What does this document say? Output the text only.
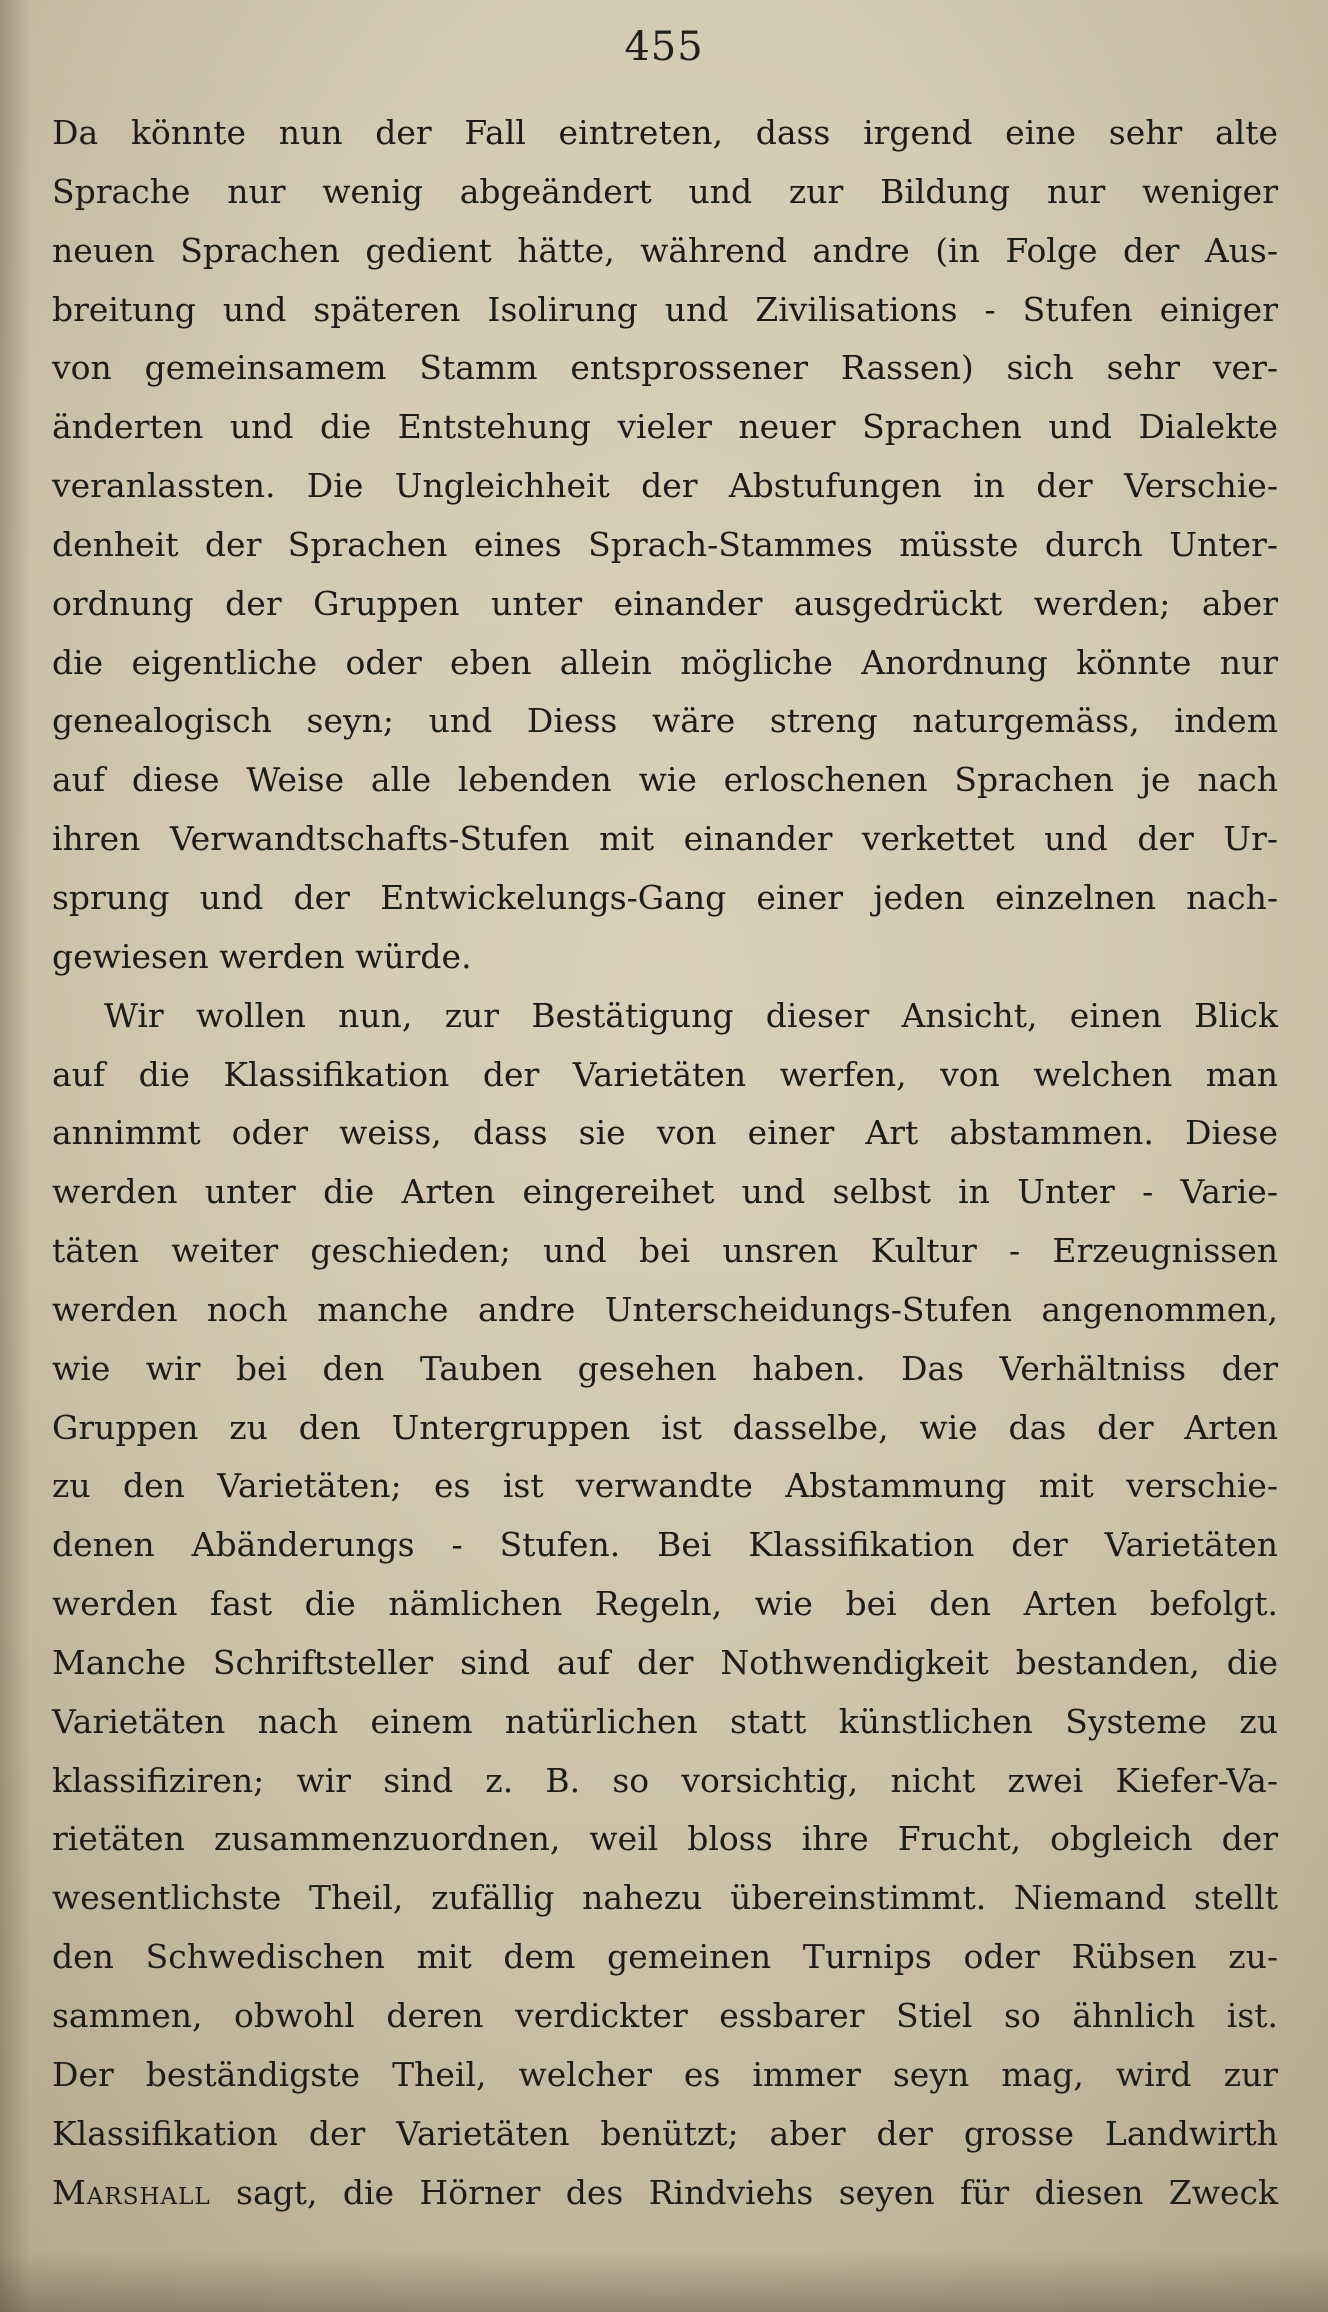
455
Da könnte nun der Fall eintreten, dass irgend eine sehr alte
Sprache nur wenig abgeändert und zur Bildung nur weniger
neuen Sprachen gedient hätte, während andre (in Folge der Aus-
breitung und späteren Isolirung und Zivilisations - Stufen einiger
von gemeinsamem Stamm entsprossener Rassen) sich sehr ver-
änderten und die Entstehung vieler neuer Sprachen und Dialekte
veranlassten. Die Ungleichheit der Abstufungen in der Verschie-
denheit der Sprachen eines Sprach-Stammes müsste durch Unter-
ordnung der Gruppen unter einander ausgedrückt werden; aber
die eigentliche oder eben allein mögliche Anordnung könnte nur
genealogisch seyn; und Diess wäre streng naturgemäss, indem
auf diese Weise alle lebenden wie erloschenen Sprachen je nach
ihren Verwandtschafts-Stufen mit einander verkettet und der Ur-
sprung und der Entwickelungs-Gang einer jeden einzelnen nach-
gewiesen werden würde.
Wir wollen nun, zur Bestätigung dieser Ansicht, einen Blick
auf die Klassifikation der Varietäten werfen, von welchen man
annimmt oder weiss, dass sie von einer Art abstammen. Diese
werden unter die Arten eingereihet und selbst in Unter - Varie-
täten weiter geschieden; und bei unsren Kultur - Erzeugnissen
werden noch manche andre Unterscheidungs-Stufen angenommen,
wie wir bei den Tauben gesehen haben. Das Verhältniss der
Gruppen zu den Untergruppen ist dasselbe, wie das der Arten
zu den Varietäten; es ist verwandte Abstammung mit verschie-
denen Abänderungs - Stufen. Bei Klassifikation der Varietäten
werden fast die nämlichen Regeln, wie bei den Arten befolgt.
Manche Schriftsteller sind auf der Nothwendigkeit bestanden, die
Varietäten nach einem natürlichen statt künstlichen Systeme zu
klassifiziren; wir sind z. B. so vorsichtig, nicht zwei Kiefer-Va-
rietäten zusammenzuordnen, weil bloss ihre Frucht, obgleich der
wesentlichste Theil, zufällig nahezu übereinstimmt. Niemand stellt
den Schwedischen mit dem gemeinen Turnips oder Rübsen zu-
sammen, obwohl deren verdickter essbarer Stiel so ähnlich ist.
Der beständigste Theil, welcher es immer seyn mag, wird zur
Klassifikation der Varietäten benützt; aber der grosse Landwirth
Marshall sagt, die Hörner des Rindviehs seyen für diesen Zweck
